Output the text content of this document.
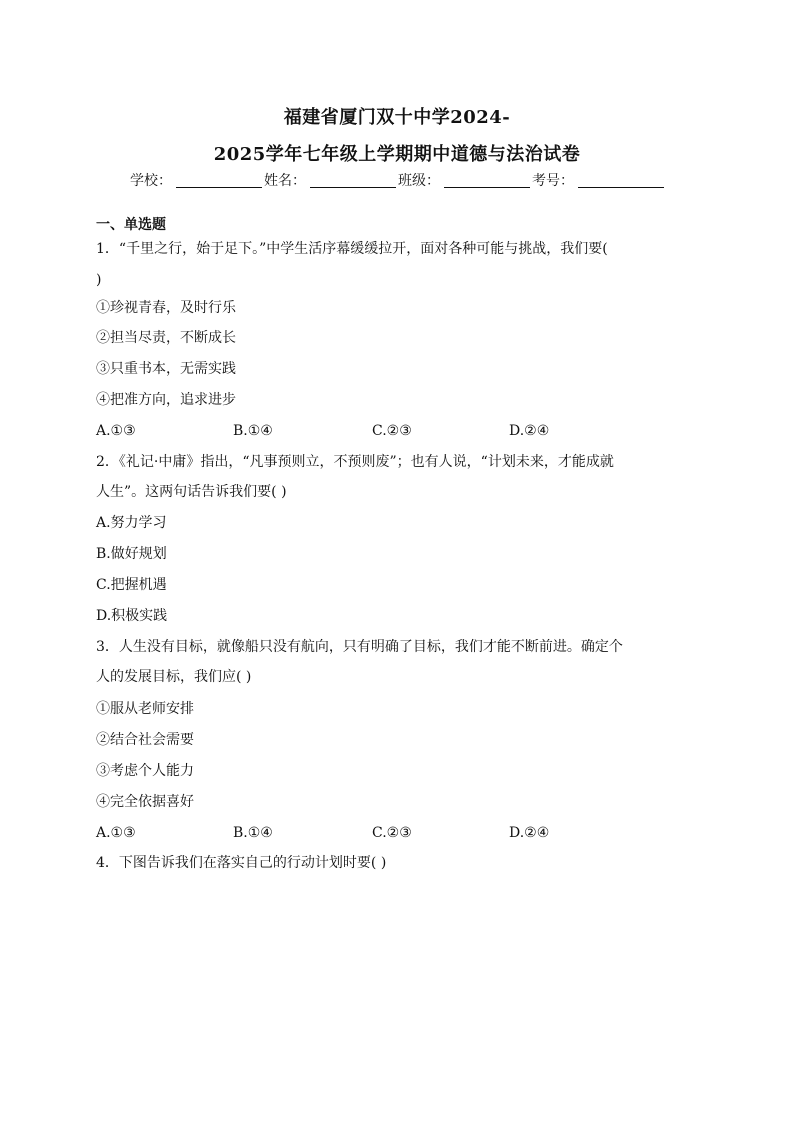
福建省厦门双十中学2024-
2025学年七年级上学期期中道德与法治试卷
学校：	姓名：	班级：	考号：
一、单选题
1．“千里之行，始于足下。”中学生活序幕缓缓拉开，面对各种可能与挑战，我们要(
)
①珍视青春，及时行乐
②担当尽责，不断成长
③只重书本，无需实践
④把准方向，追求进步
A.①③	B.①④	C.②③	D.②④
2．《礼记·中庸》指出，“凡事预则立，不预则废”；也有人说，“计划未来，才能成就
人生”。这两句话告诉我们要( )
A.努力学习
B.做好规划
C.把握机遇
D.积极实践
3．人生没有目标，就像船只没有航向，只有明确了目标，我们才能不断前进。确定个
人的发展目标，我们应( )
①服从老师安排
②结合社会需要
③考虑个人能力
④完全依据喜好
A.①③	B.①④	C.②③	D.②④
4．下图告诉我们在落实自己的行动计划时要( )
